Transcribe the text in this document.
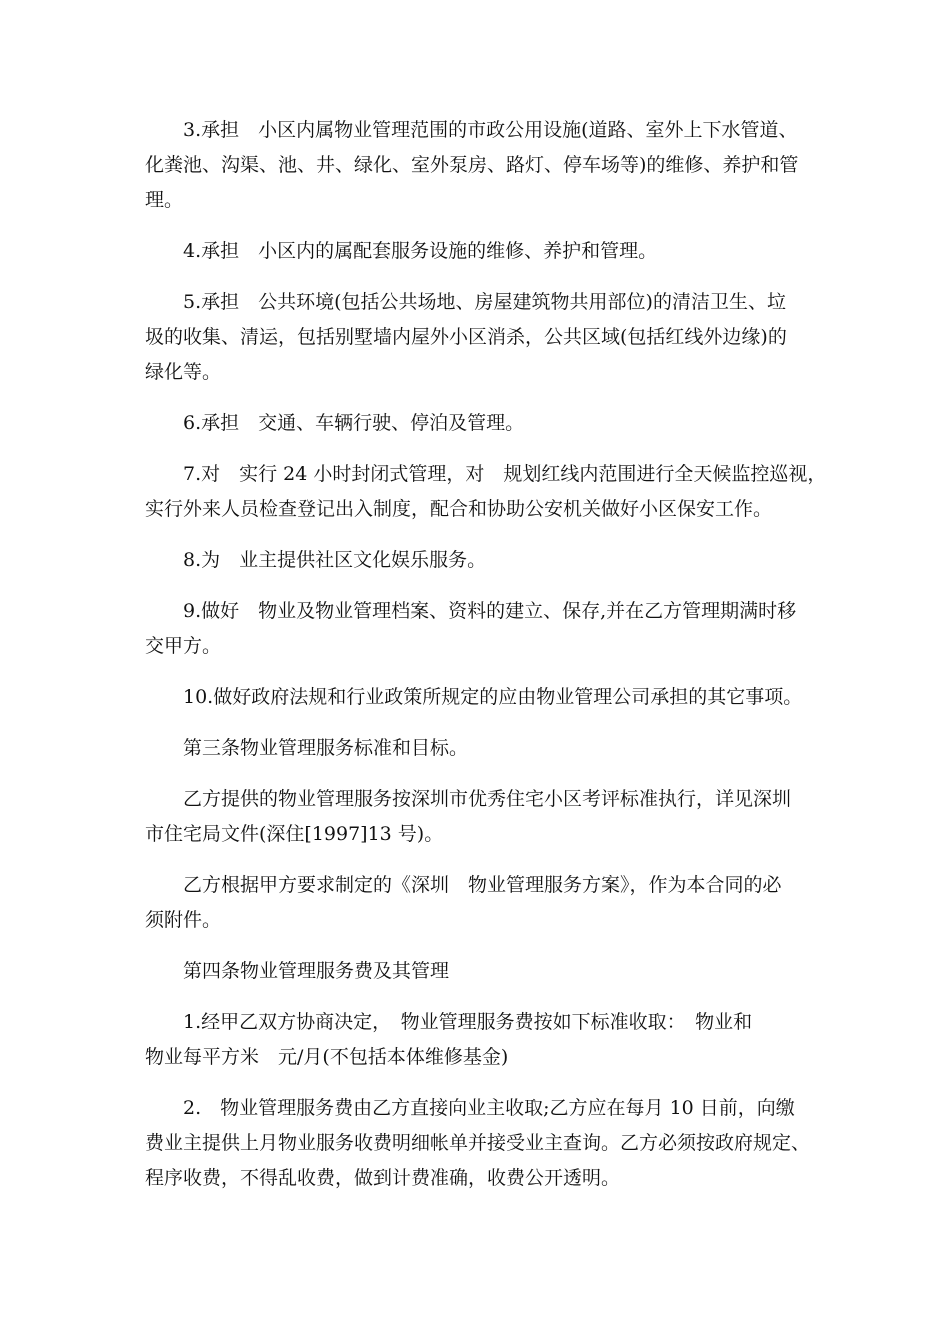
3.承担　小区内属物业管理范围的市政公用设施(道路、室外上下水管道、
化粪池、沟渠、池、井、绿化、室外泵房、路灯、停车场等)的维修、养护和管
理。
4.承担　小区内的属配套服务设施的维修、养护和管理。
5.承担　公共环境(包括公共场地、房屋建筑物共用部位)的清洁卫生、垃
圾的收集、清运，包括别墅墙内屋外小区消杀，公共区域(包括红线外边缘)的
绿化等。
6.承担　交通、车辆行驶、停泊及管理。
7.对　实行 24 小时封闭式管理，对　规划红线内范围进行全天候监控巡视，
实行外来人员检查登记出入制度，配合和协助公安机关做好小区保安工作。
8.为　业主提供社区文化娱乐服务。
9.做好　物业及物业管理档案、资料的建立、保存,并在乙方管理期满时移
交甲方。
10.做好政府法规和行业政策所规定的应由物业管理公司承担的其它事项。
第三条物业管理服务标准和目标。
乙方提供的物业管理服务按深圳市优秀住宅小区考评标准执行，详见深圳
市住宅局文件(深住[1997]13 号)。
乙方根据甲方要求制定的《深圳　物业管理服务方案》，作为本合同的必
须附件。
第四条物业管理服务费及其管理
1.经甲乙双方协商决定，　物业管理服务费按如下标准收取：　物业和
物业每平方米　元/月(不包括本体维修基金)
2.　物业管理服务费由乙方直接向业主收取;乙方应在每月 10 日前，向缴
费业主提供上月物业服务收费明细帐单并接受业主查询。乙方必须按政府规定、
程序收费，不得乱收费，做到计费准确，收费公开透明。
